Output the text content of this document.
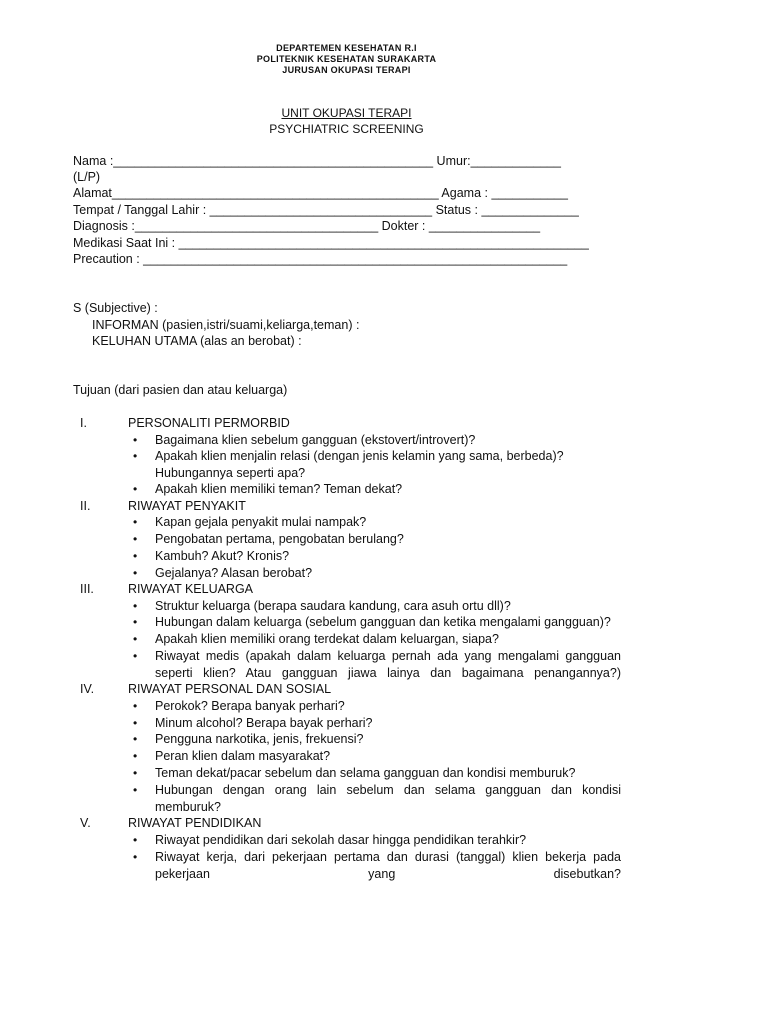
DEPARTEMEN KESEHATAN R.I
POLITEKNIK KESEHATAN SURAKARTA
JURUSAN OKUPASI TERAPI
UNIT OKUPASI TERAPI
PSYCHIATRIC SCREENING
Nama :______________________________________________ Umur:_____________
(L/P)
Alamat_______________________________________________ Agama : ___________
Tempat / Tanggal Lahir : ________________________________ Status : ______________
Diagnosis :___________________________________ Dokter : ________________
Medikasi Saat Ini : ___________________________________________________________
Precaution : _____________________________________________________________
S (Subjective) :
INFORMAN (pasien,istri/suami,keliarga,teman) :
KELUHAN UTAMA (alas an berobat) :
Tujuan (dari pasien dan atau keluarga)
I.	PERSONALITI PERMORBID
• Bagaimana klien sebelum gangguan (ekstovert/introvert)?
• Apakah klien menjalin relasi (dengan jenis kelamin yang sama, berbeda)? Hubungannya seperti apa?
• Apakah klien memiliki teman? Teman dekat?
II.	RIWAYAT PENYAKIT
• Kapan gejala penyakit mulai nampak?
• Pengobatan pertama, pengobatan berulang?
• Kambuh? Akut? Kronis?
• Gejalanya? Alasan berobat?
III.	RIWAYAT KELUARGA
• Struktur keluarga (berapa saudara kandung, cara asuh ortu dll)?
• Hubungan dalam keluarga (sebelum gangguan dan ketika mengalami gangguan)?
• Apakah klien memiliki orang terdekat dalam keluargan, siapa?
• Riwayat medis (apakah dalam keluarga pernah ada yang mengalami gangguan seperti klien? Atau gangguan jiawa lainya dan bagaimana penangannya?)
IV.	RIWAYAT PERSONAL DAN SOSIAL
• Perokok? Berapa banyak perhari?
• Minum alcohol? Berapa bayak perhari?
• Pengguna narkotika, jenis, frekuensi?
• Peran klien dalam masyarakat?
• Teman dekat/pacar sebelum dan selama gangguan dan kondisi memburuk?
• Hubungan dengan orang lain sebelum dan selama gangguan dan kondisi memburuk?
V.	RIWAYAT PENDIDIKAN
• Riwayat pendidikan dari sekolah dasar hingga pendidikan terahkir?
• Riwayat kerja, dari pekerjaan pertama dan durasi (tanggal) klien bekerja pada pekerjaan yang disebutkan?
